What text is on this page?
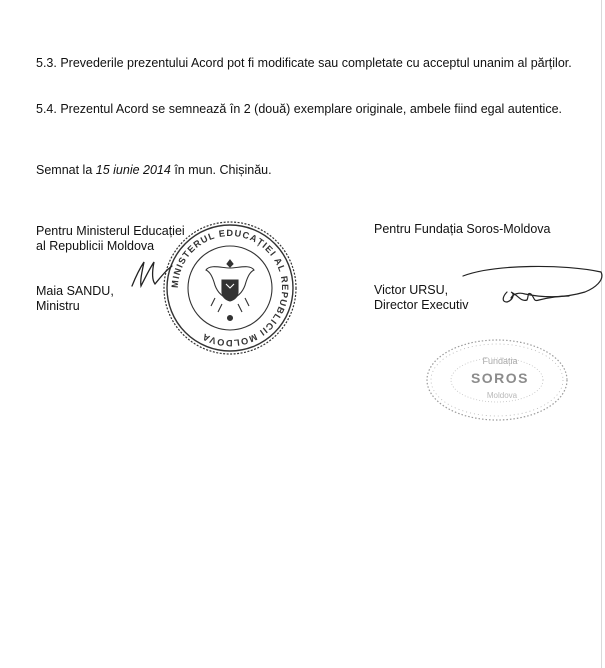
5.3. Prevederile prezentului Acord pot fi modificate sau completate cu acceptul unanim al părților.

5.4. Prezentul Acord se semnează în 2 (două) exemplare originale, ambele fiind egal autentice.

Semnat la 15 iunie 2014 în mun. Chișinău.

Pentru Ministerul Educației
al Republicii Moldova
Maia SANDU,
Ministru
Pentru Fundația Soros-Moldova
Victor URSU,
Director Executiv
MINISTERUL EDUCAȚIEI AL REPUBLICII MOLDOVA
Fundația
SOROS
Moldova
